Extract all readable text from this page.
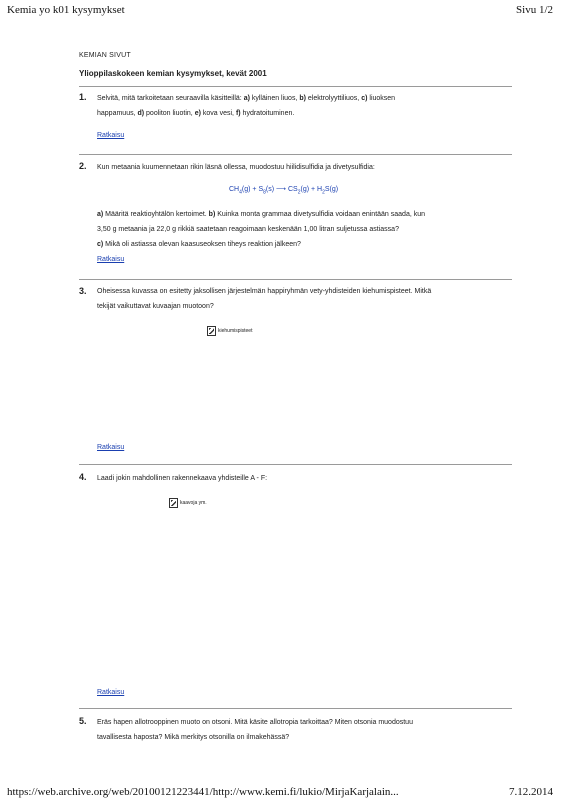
Kemia yo k01 kysymykset	Sivu 1/2
KEMIAN SIVUT
Ylioppilaskokeen kemian kysymykset, kevät 2001
1. Selvitä, mitä tarkoitetaan seuraavilla käsitteillä: a) kylläinen liuos, b) elektrolyyttiliuos, c) liuoksen
happamuus, d) pooliton liuotin, e) kova vesi, f) hydratoituminen.
Ratkaisu
2. Kun metaania kuumennetaan rikin läsnä ollessa, muodostuu hiilidisulfidia ja divetysulfidia:
$CH_4(g) + S_8(s)$ ⟶ $CS_2(g) + H_2S(g)$
a) Määritä reaktioyhtälön kertoimet. b) Kuinka monta grammaa divetysulfidia voidaan enintään saada, kun
3,50 g metaania ja 22,0 g rikkiä saatetaan reagoimaan keskenään 1,00 litran suljetussa astiassa?
c) Mikä oli astiassa olevan kaasuseoksen tiheys reaktion jälkeen?
Ratkaisu
3. Oheisessa kuvassa on esitetty jaksollisen järjestelmän happiryhmän vety-yhdisteiden kiehumispisteet. Mitkä
tekijät vaikuttavat kuvaajan muotoon?
kiehumispisteet
Ratkaisu
4. Laadi jokin mahdollinen rakennekaava yhdisteille A - F:
kaavoja ym.
Ratkaisu
5. Eräs hapen allotrooppinen muoto on otsoni. Mitä käsite allotropia tarkoittaa? Miten otsonia muodostuu
tavallisesta haposta? Mikä merkitys otsonilla on ilmakehässä?
https://web.archive.org/web/20100121223441/http://www.kemi.fi/lukio/MirjaKarjalain...	7.12.2014
